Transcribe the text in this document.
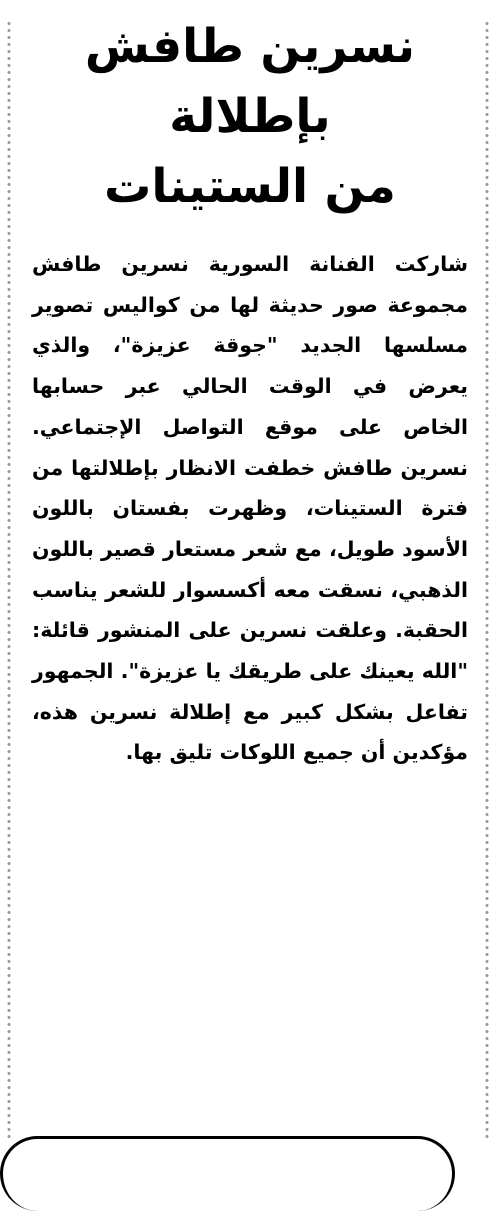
نسرين طافش بإطلالة
من الستينات

شاركت الفنانة السورية نسرين طافش مجموعة صور حديثة لها من كواليس تصوير مسلسها الجديد "جوقة عزيزة"، والذي يعرض في الوقت الحالي عبر حسابها الخاص على موقع التواصل الإجتماعي. نسرين طافش خطفت الانظار بإطلالتها من فترة الستينات، وظهرت بفستان باللون الأسود طويل، مع شعر مستعار قصير باللون الذهبي، نسقت معه أكسسوار للشعر يناسب الحقبة. وعلقت نسرين على المنشور قائلة: "الله يعينك على طريقك يا عزيزة". الجمهور تفاعل بشكل كبير مع إطلالة نسرين هذه، مؤكدين أن جميع اللوكات تليق بها.
